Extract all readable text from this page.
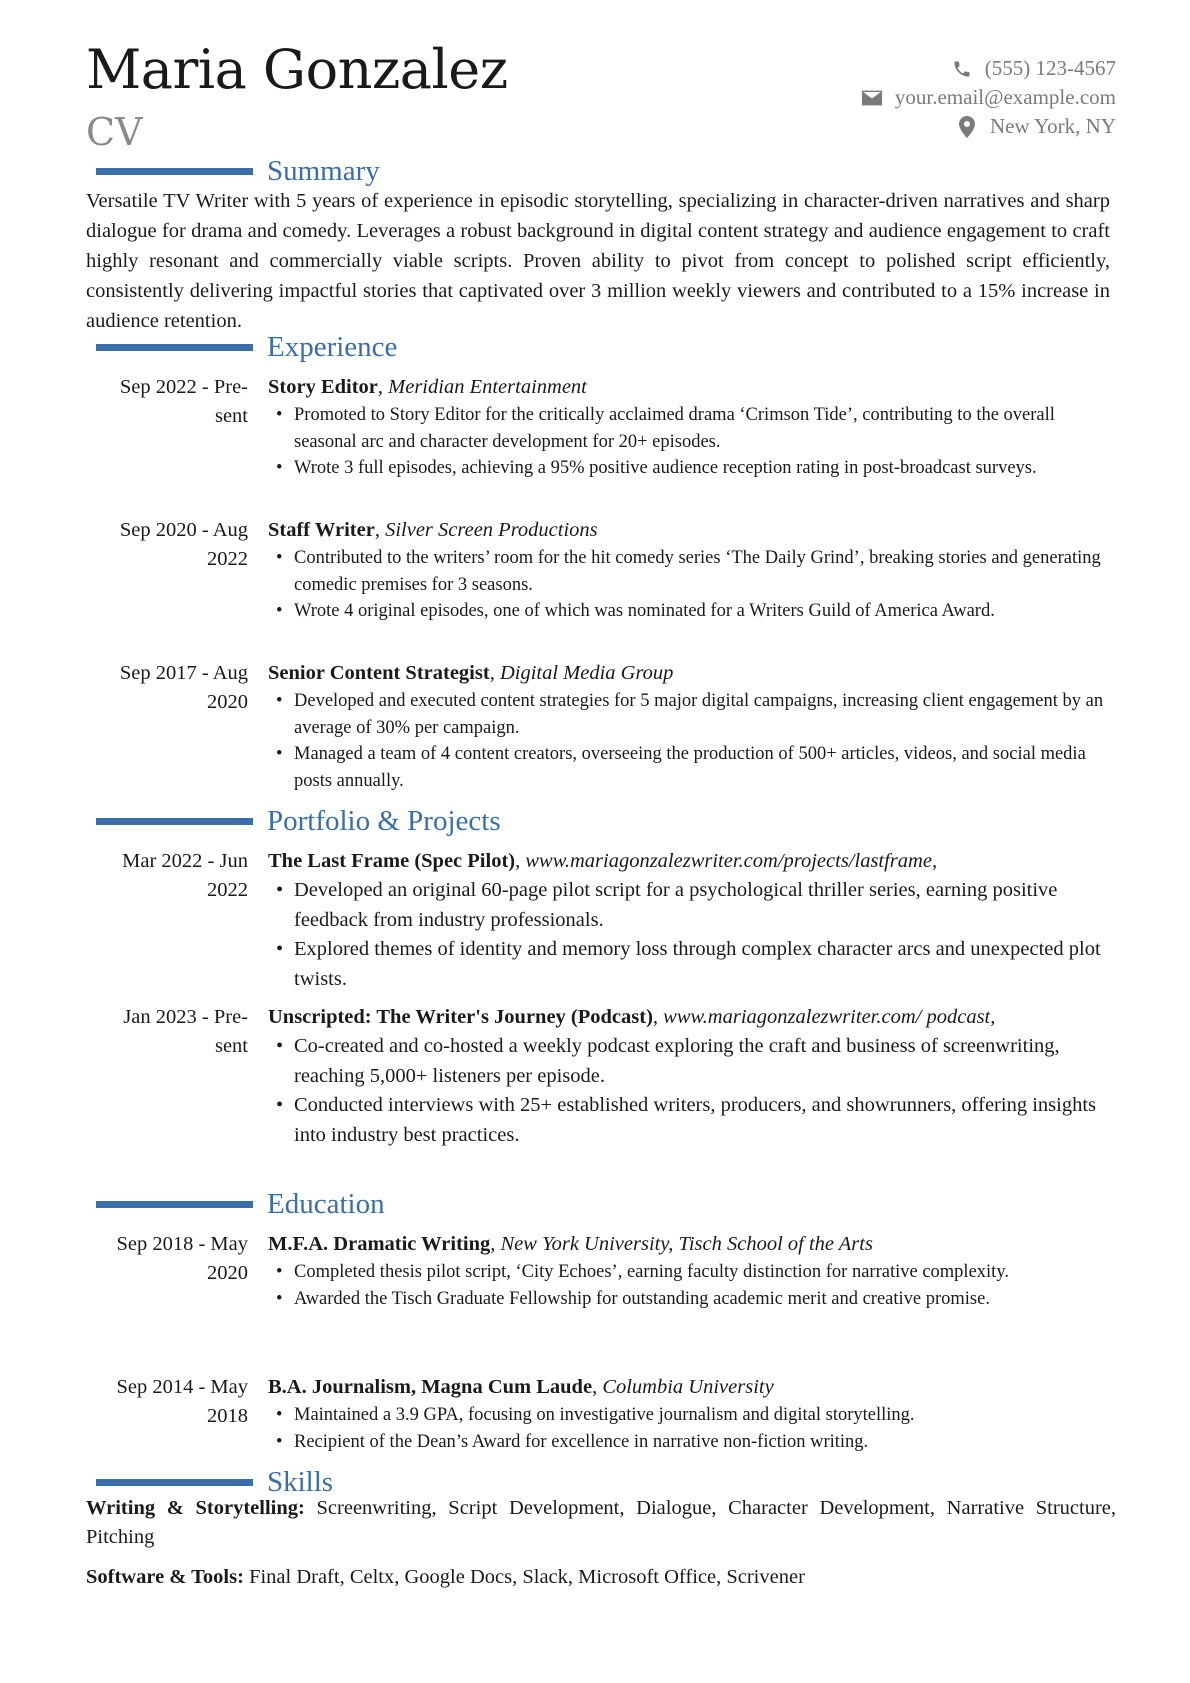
Maria Gonzalez
CV
(555) 123-4567
your.email@example.com
New York, NY
Summary
Versatile TV Writer with 5 years of experience in episodic storytelling, specializing in character-driven narratives and sharp dialogue for drama and comedy. Leverages a robust background in digital content strategy and audience engagement to craft highly resonant and commercially viable scripts. Proven ability to pivot from concept to polished script efficiently, consistently delivering impactful stories that captivated over 3 million weekly viewers and contributed to a 15% increase in audience retention.
Experience
Sep 2022 - Pre-
sent
Story Editor, Meridian Entertainment
• Promoted to Story Editor for the critically acclaimed drama ‘Crimson Tide’, contributing to the overall seasonal arc and character development for 20+ episodes.
• Wrote 3 full episodes, achieving a 95% positive audience reception rating in post-broadcast surveys.
Sep 2020 - Aug
2022
Staff Writer, Silver Screen Productions
• Contributed to the writers’ room for the hit comedy series ‘The Daily Grind’, breaking stories and generating comedic premises for 3 seasons.
• Wrote 4 original episodes, one of which was nominated for a Writers Guild of America Award.
Sep 2017 - Aug
2020
Senior Content Strategist, Digital Media Group
• Developed and executed content strategies for 5 major digital campaigns, increasing client engagement by an average of 30% per campaign.
• Managed a team of 4 content creators, overseeing the production of 500+ articles, videos, and social media posts annually.
Portfolio & Projects
Mar 2022 - Jun
2022
The Last Frame (Spec Pilot), www.mariagonzalezwriter.com/projects/lastframe,
• Developed an original 60-page pilot script for a psychological thriller series, earning positive feedback from industry professionals.
• Explored themes of identity and memory loss through complex character arcs and unexpected plot twists.
Jan 2023 - Pre-
sent
Unscripted: The Writer's Journey (Podcast), www.mariagonzalezwriter.com/ podcast,
• Co-created and co-hosted a weekly podcast exploring the craft and business of screenwriting, reaching 5,000+ listeners per episode.
• Conducted interviews with 25+ established writers, producers, and showrunners, offering insights into industry best practices.
Education
Sep 2018 - May
2020
M.F.A. Dramatic Writing, New York University, Tisch School of the Arts
• Completed thesis pilot script, ‘City Echoes’, earning faculty distinction for narrative complexity.
• Awarded the Tisch Graduate Fellowship for outstanding academic merit and creative promise.
Sep 2014 - May
2018
B.A. Journalism, Magna Cum Laude, Columbia University
• Maintained a 3.9 GPA, focusing on investigative journalism and digital storytelling.
• Recipient of the Dean’s Award for excellence in narrative non-fiction writing.
Skills
Writing & Storytelling: Screenwriting, Script Development, Dialogue, Character Development, Narrative Structure, Pitching
Software & Tools: Final Draft, Celtx, Google Docs, Slack, Microsoft Office, Scrivener
